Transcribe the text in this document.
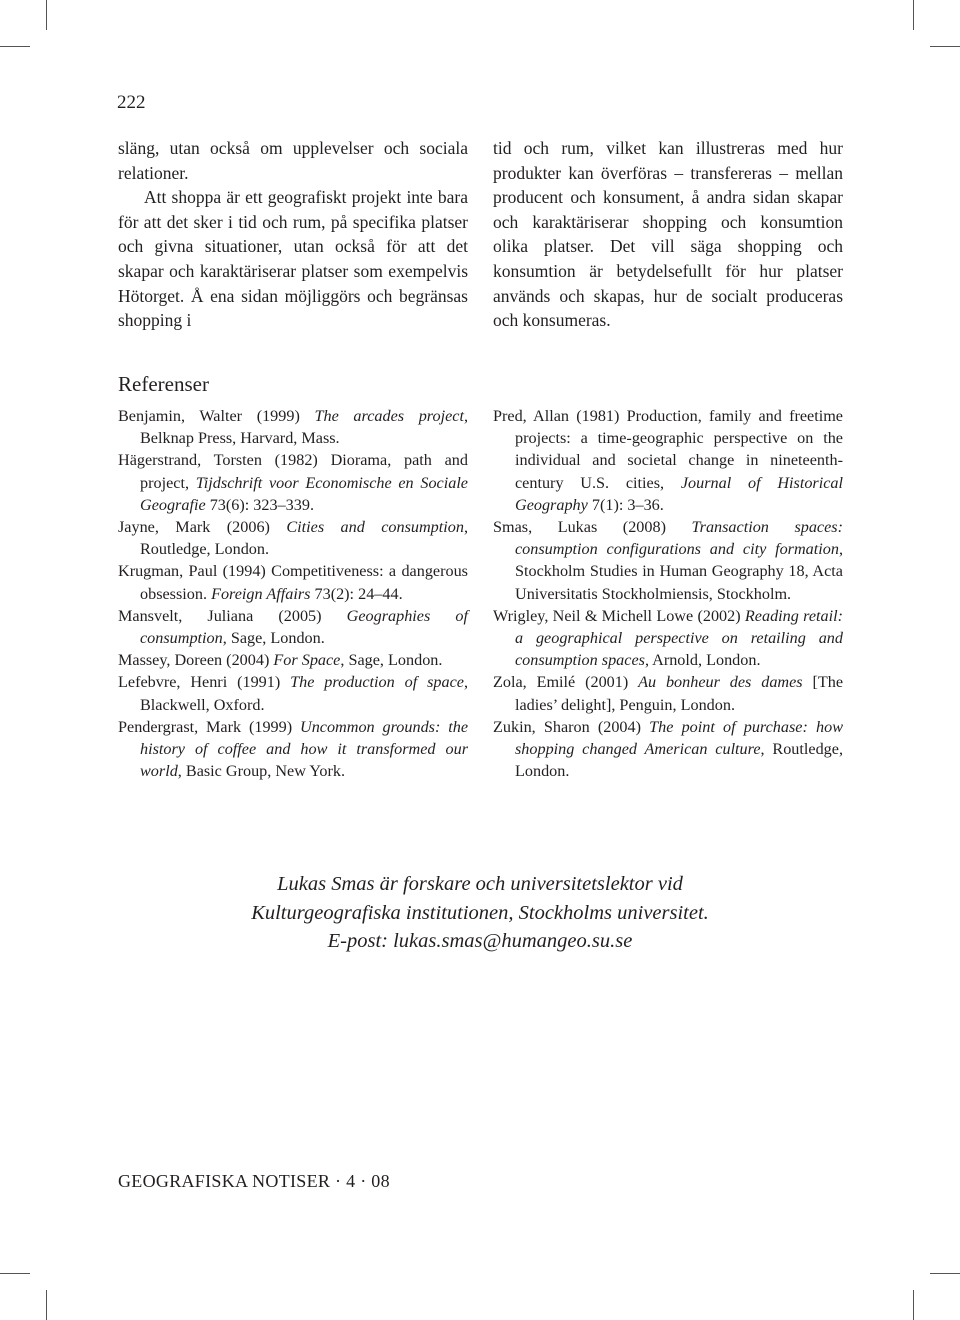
222

släng, utan också om upplevelser och sociala relationer.

Att shoppa är ett geografiskt projekt inte bara för att det sker i tid och rum, på specifika platser och givna situationer, utan också för att det skapar och karaktäriserar platser som exempelvis Hötorget. Å ena sidan möjliggörs och begränsas shopping i

tid och rum, vilket kan illustreras med hur produkter kan överföras – transfereras – mellan producent och konsument, å andra sidan skapar och karaktäriserar shopping och konsumtion olika platser. Det vill säga shopping och konsumtion är betydelsefullt för hur platser används och skapas, hur de socialt produceras och konsumeras.

Referenser

Benjamin, Walter (1999) The arcades project, Belknap Press, Harvard, Mass.

Hägerstrand, Torsten (1982) Diorama, path and project, Tijdschrift voor Economische en Sociale Geografie 73(6): 323–339.

Jayne, Mark (2006) Cities and consumption, Routledge, London.

Krugman, Paul (1994) Competitiveness: a dangerous obsession. Foreign Affairs 73(2): 24–44.

Mansvelt, Juliana (2005) Geographies of consumption, Sage, London.

Massey, Doreen (2004) For Space, Sage, London.

Lefebvre, Henri (1991) The production of space, Blackwell, Oxford.

Pendergrast, Mark (1999) Uncommon grounds: the history of coffee and how it transformed our world, Basic Group, New York.

Pred, Allan (1981) Production, family and freetime projects: a time-geographic perspective on the individual and societal change in nineteenth-century U.S. cities, Journal of Historical Geography 7(1): 3–36.

Smas, Lukas (2008) Transaction spaces: consumption configurations and city formation, Stockholm Studies in Human Geography 18, Acta Universitatis Stockholmiensis, Stockholm.

Wrigley, Neil & Michell Lowe (2002) Reading retail: a geographical perspective on retailing and consumption spaces, Arnold, London.

Zola, Emilé (2001) Au bonheur des dames [The ladies’ delight], Penguin, London.

Zukin, Sharon (2004) The point of purchase: how shopping changed American culture, Routledge, London.

Lukas Smas är forskare och universitetslektor vid
Kulturgeografiska institutionen, Stockholms universitet.
E-post: lukas.smas@humangeo.su.se
GEOGRAFISKA NOTISER · 4 · 08
